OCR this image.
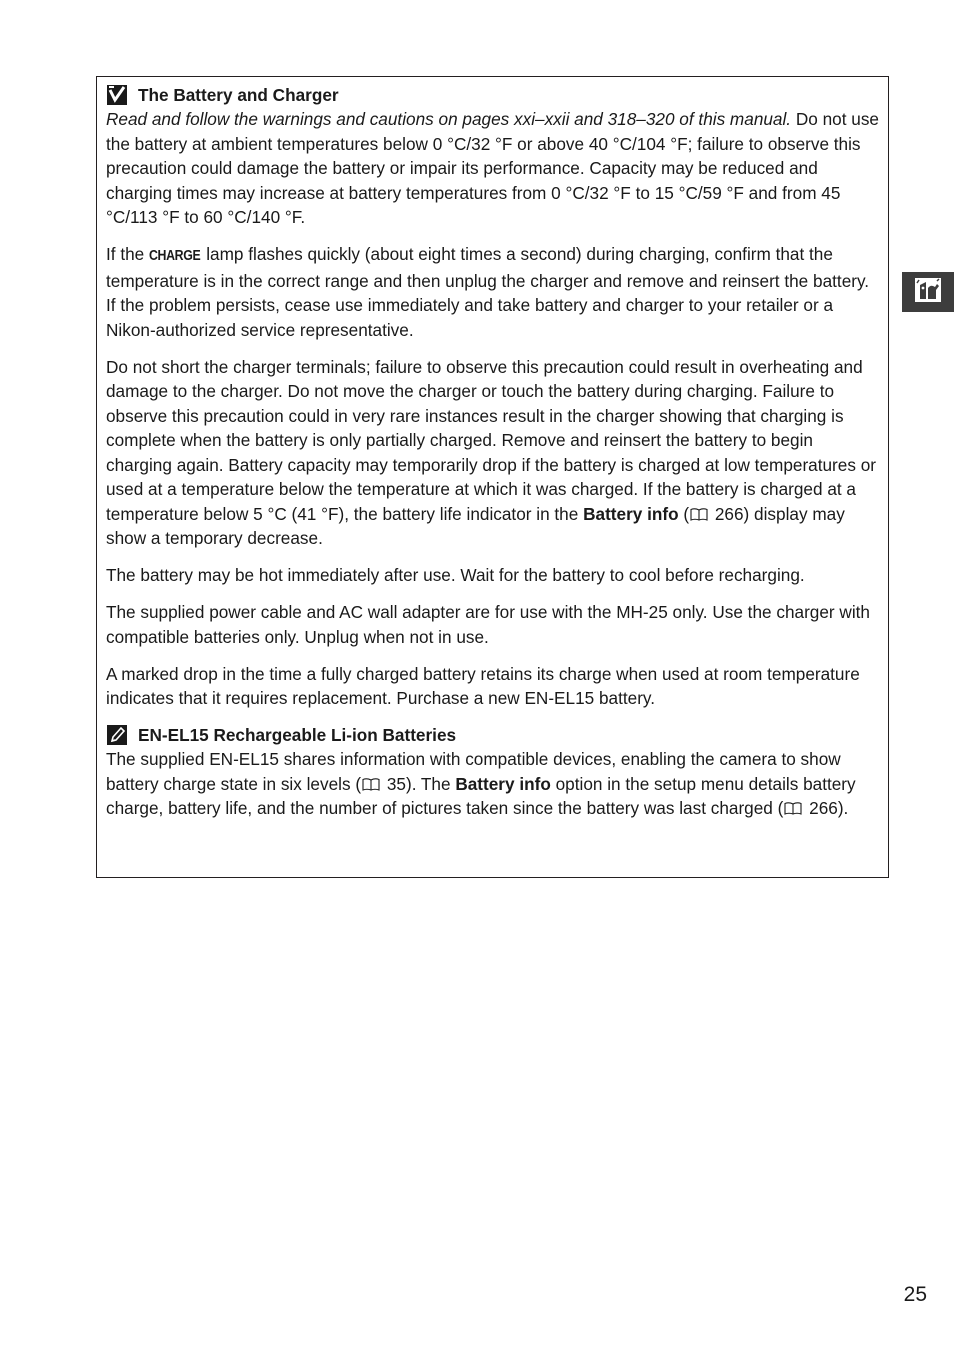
The Battery and Charger

Read and follow the warnings and cautions on pages xxi–xxii and 318–320 of this manual. Do not use the battery at ambient temperatures below 0 °C/32 °F or above 40 °C/104 °F; failure to observe this precaution could damage the battery or impair its performance. Capacity may be reduced and charging times may increase at battery temperatures from 0 °C/32 °F to 15 °C/59 °F and from 45 °C/113 °F to 60 °C/140 °F.

If the CHARGE lamp flashes quickly (about eight times a second) during charging, confirm that the temperature is in the correct range and then unplug the charger and remove and reinsert the battery. If the problem persists, cease use immediately and take battery and charger to your retailer or a Nikon-authorized service representative.

Do not short the charger terminals; failure to observe this precaution could result in overheating and damage to the charger. Do not move the charger or touch the battery during charging. Failure to observe this precaution could in very rare instances result in the charger showing that charging is complete when the battery is only partially charged. Remove and reinsert the battery to begin charging again. Battery capacity may temporarily drop if the battery is charged at low temperatures or used at a temperature below the temperature at which it was charged. If the battery is charged at a temperature below 5 °C (41 °F), the battery life indicator in the Battery info ( 266) display may show a temporary decrease.

The battery may be hot immediately after use. Wait for the battery to cool before recharging.

The supplied power cable and AC wall adapter are for use with the MH-25 only. Use the charger with compatible batteries only. Unplug when not in use.

A marked drop in the time a fully charged battery retains its charge when used at room temperature indicates that it requires replacement. Purchase a new EN-EL15 battery.

EN-EL15 Rechargeable Li-ion Batteries

The supplied EN-EL15 shares information with compatible devices, enabling the camera to show battery charge state in six levels ( 35). The Battery info option in the setup menu details battery charge, battery life, and the number of pictures taken since the battery was last charged ( 266).

25
